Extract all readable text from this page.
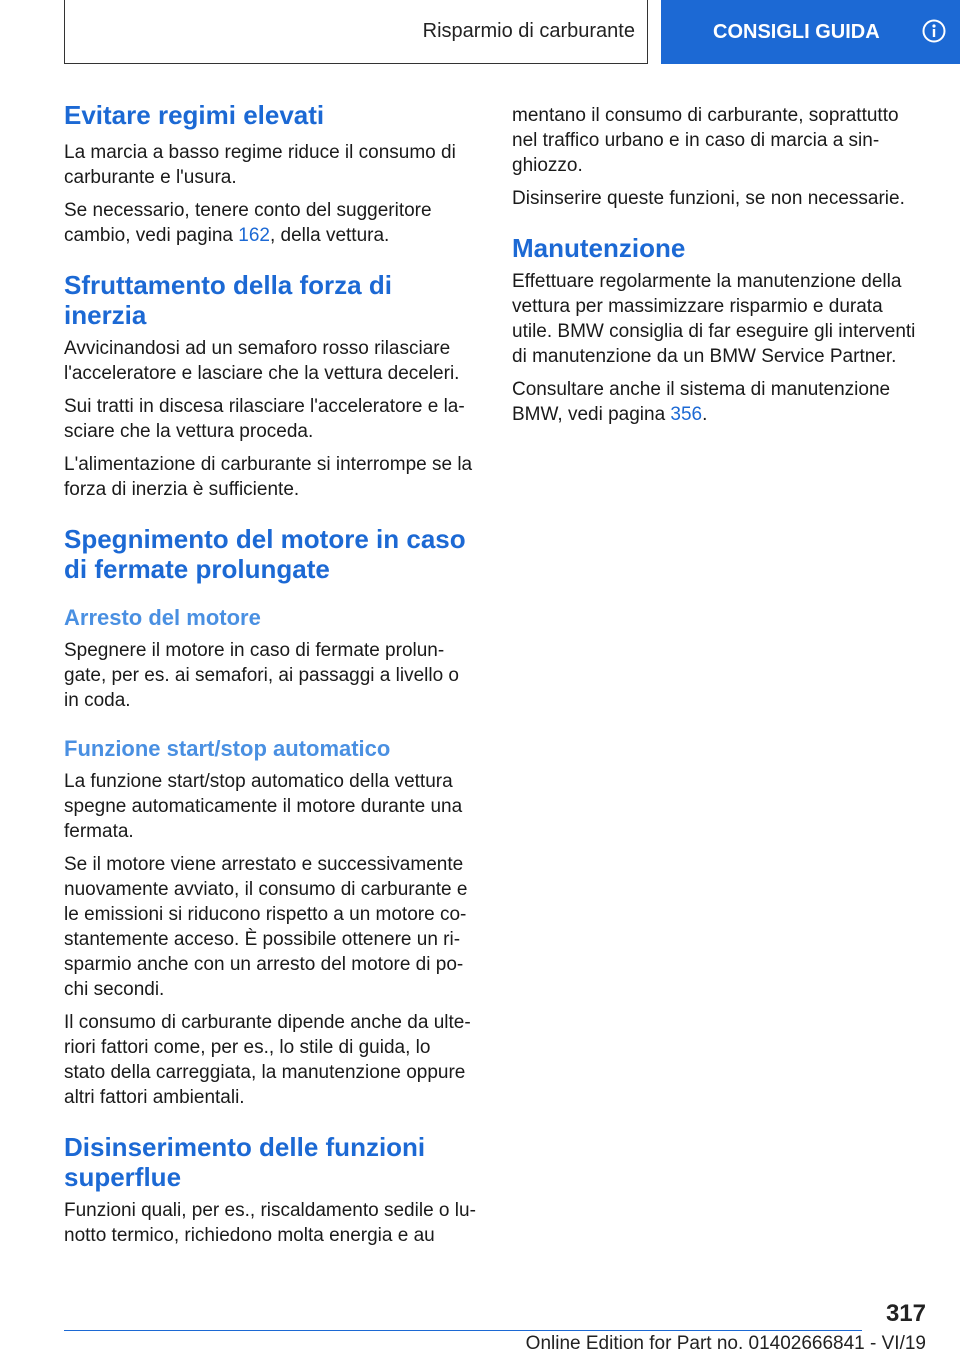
Risparmio di carburante	CONSIGLI GUIDA
Evitare regimi elevati

La marcia a basso regime riduce il consumo di carburante e l'usura.

Se necessario, tenere conto del suggeritore cambio, vedi pagina 162, della vettura.

Sfruttamento della forza di inerzia

Avvicinandosi ad un semaforo rosso rilasciare l'acceleratore e lasciare che la vettura deceleri.

Sui tratti in discesa rilasciare l'acceleratore e lasciare che la vettura proceda.

L'alimentazione di carburante si interrompe se la forza di inerzia è sufficiente.

Spegnimento del motore in caso di fermate prolungate
Arresto del motore

Spegnere il motore in caso di fermate prolungate, per es. ai semafori, ai passaggi a livello o in coda.

Funzione start/stop automatico

La funzione start/stop automatico della vettura spegne automaticamente il motore durante una fermata.

Se il motore viene arrestato e successivamente nuovamente avviato, il consumo di carburante e le emissioni si riducono rispetto a un motore costantemente acceso. È possibile ottenere un risparmio anche con un arresto del motore di pochi secondi.

Il consumo di carburante dipende anche da ulteriori fattori come, per es., lo stile di guida, lo stato della carreggiata, la manutenzione oppure altri fattori ambientali.

Disinserimento delle funzioni superflue

Funzioni quali, per es., riscaldamento sedile o lunotto termico, richiedono molta energia e au

mentano il consumo di carburante, soprattutto nel traffico urbano e in caso di marcia a singhiozzo.

Disinserire queste funzioni, se non necessarie.

Manutenzione

Effettuare regolarmente la manutenzione della vettura per massimizzare risparmio e durata utile. BMW consiglia di far eseguire gli interventi di manutenzione da un BMW Service Partner.

Consultare anche il sistema di manutenzione BMW, vedi pagina 356.

317
Online Edition for Part no. 01402666841 - VI/19
